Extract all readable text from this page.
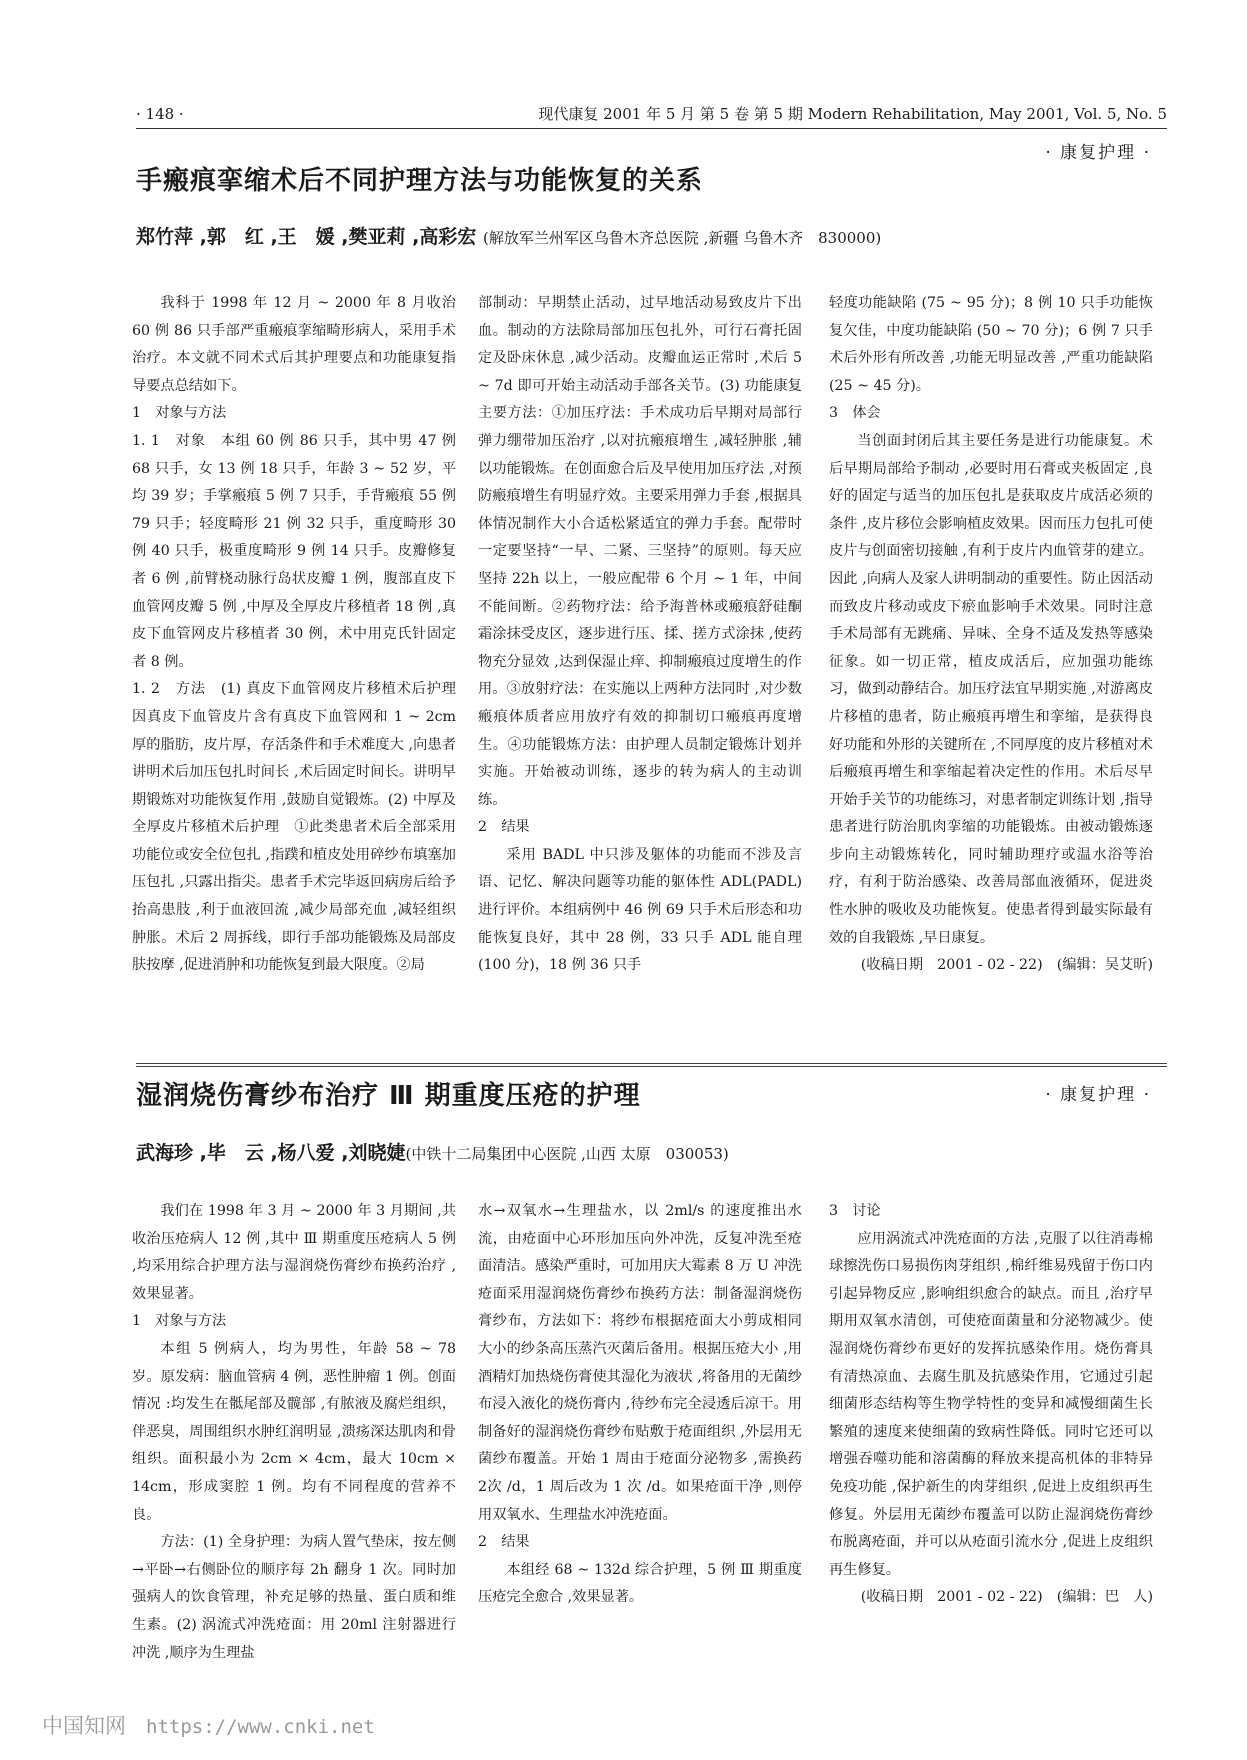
· 148 ·	现代康复 2001 年 5 月 第 5 卷 第 5 期 Modern Rehabilitation, May 2001, Vol. 5, No. 5
· 康复护理 ·
手瘢痕挛缩术后不同护理方法与功能恢复的关系
郑竹萍 ,郭　红 ,王　媛 ,樊亚莉 ,高彩宏 (解放军兰州军区乌鲁木齐总医院 ,新疆 乌鲁木齐　830000)

我科于 1998 年 12 月 ~ 2000 年 8 月收治 60 例 86 只手部严重瘢痕挛缩畸形病人，采用手术治疗。本文就不同术式后其护理要点和功能康复指导要点总结如下。

1　对象与方法

1. 1　对象　本组 60 例 86 只手，其中男 47 例 68 只手，女 13 例 18 只手，年龄 3 ~ 52 岁，平均 39 岁；手掌瘢痕 5 例 7 只手，手背瘢痕 55 例 79 只手；轻度畸形 21 例 32 只手，重度畸形 30 例 40 只手，极重度畸形 9 例 14 只手。皮瓣修复者 6 例 ,前臂桡动脉行岛状皮瓣 1 例，腹部直皮下血管网皮瓣 5 例 ,中厚及全厚皮片移植者 18 例 ,真皮下血管网皮片移植者 30 例，术中用克氏针固定者 8 例。

1. 2　方法　(1) 真皮下血管网皮片移植术后护理　因真皮下血管皮片含有真皮下血管网和 1 ~ 2cm 厚的脂肪，皮片厚，存活条件和手术难度大 ,向患者讲明术后加压包扎时间长 ,术后固定时间长。讲明早期锻炼对功能恢复作用 ,鼓励自觉锻炼。(2) 中厚及全厚皮片移植术后护理　①此类患者术后全部采用功能位或安全位包扎 ,指蹼和植皮处用碎纱布填塞加压包扎 ,只露出指尖。患者手术完毕返回病房后给予抬高患肢 ,利于血液回流 ,减少局部充血 ,减轻组织肿胀。术后 2 周拆线，即行手部功能锻炼及局部皮肤按摩 ,促进消肿和功能恢复到最大限度。②局

部制动：早期禁止活动，过早地活动易致皮片下出血。制动的方法除局部加压包扎外，可行石膏托固定及卧床休息 ,减少活动。皮瓣血运正常时 ,术后 5 ~ 7d 即可开始主动活动手部各关节。(3) 功能康复主要方法：①加压疗法：手术成功后早期对局部行弹力绷带加压治疗 ,以对抗瘢痕增生 ,减轻肿胀 ,辅以功能锻炼。在创面愈合后及早使用加压疗法 ,对预防瘢痕增生有明显疗效。主要采用弹力手套 ,根据具体情况制作大小合适松紧适宜的弹力手套。配带时一定要坚持“一早、二紧、三坚持”的原则。每天应坚持 22h 以上，一般应配带 6 个月 ~ 1 年，中间不能间断。②药物疗法：给予海普林或瘢痕舒硅酮霜涂抹受皮区，逐步进行压、揉、搓方式涂抹 ,使药物充分显效 ,达到保湿止痒、抑制瘢痕过度增生的作用。③放射疗法：在实施以上两种方法同时 ,对少数瘢痕体质者应用放疗有效的抑制切口瘢痕再度增生。④功能锻炼方法：由护理人员制定锻炼计划并实施。开始被动训练，逐步的转为病人的主动训练。

2　结果

采用 BADL 中只涉及躯体的功能而不涉及言语、记忆、解决问题等功能的躯体性 ADL(PADL) 进行评价。本组病例中 46 例 69 只手术后形态和功能恢复良好，其中 28 例，33 只手 ADL 能自理 (100 分)，18 例 36 只手

轻度功能缺陷 (75 ~ 95 分)；8 例 10 只手功能恢复欠佳，中度功能缺陷 (50 ~ 70 分)；6 例 7 只手术后外形有所改善 ,功能无明显改善 ,严重功能缺陷 (25 ~ 45 分)。

3　体会

当创面封闭后其主要任务是进行功能康复。术后早期局部给予制动 ,必要时用石膏或夹板固定 ,良好的固定与适当的加压包扎是获取皮片成活必须的条件 ,皮片移位会影响植皮效果。因而压力包扎可使皮片与创面密切接触 ,有利于皮片内血管芽的建立。因此 ,向病人及家人讲明制动的重要性。防止因活动而致皮片移动或皮下瘀血影响手术效果。同时注意手术局部有无跳痛、异味、全身不适及发热等感染征象。如一切正常，植皮成活后，应加强功能练习，做到动静结合。加压疗法宜早期实施 ,对游离皮片移植的患者，防止瘢痕再增生和挛缩，是获得良好功能和外形的关键所在 ,不同厚度的皮片移植对术后瘢痕再增生和挛缩起着决定性的作用。术后尽早开始手关节的功能练习，对患者制定训练计划 ,指导患者进行防治肌肉挛缩的功能锻炼。由被动锻炼逐步向主动锻炼转化，同时辅助理疗或温水浴等治疗，有利于防治感染、改善局部血液循环，促进炎性水肿的吸收及功能恢复。使患者得到最实际最有效的自我锻炼 ,早日康复。

(收稿日期　2001 - 02 - 22)　(编辑：吴艾昕)

· 康复护理 ·
湿润烧伤膏纱布治疗 Ⅲ 期重度压疮的护理
武海珍 ,毕　云 ,杨八爱 ,刘晓婕(中铁十二局集团中心医院 ,山西 太原　030053)

我们在 1998 年 3 月 ~ 2000 年 3 月期间 ,共收治压疮病人 12 例 ,其中 Ⅲ 期重度压疮病人 5 例 ,均采用综合护理方法与湿润烧伤膏纱布换药治疗 ,效果显著。

1　对象与方法

本组 5 例病人，均为男性，年龄 58 ~ 78 岁。原发病：脑血管病 4 例，恶性肿瘤 1 例。创面情况 :均发生在骶尾部及髋部 ,有脓液及腐烂组织，伴恶臭，周围组织水肿红润明显 ,溃疡深达肌肉和骨组织。面积最小为 2cm × 4cm，最大 10cm × 14cm，形成窦腔 1 例。均有不同程度的营养不良。

方法：(1) 全身护理：为病人置气垫床，按左侧→平卧→右侧卧位的顺序每 2h 翻身 1 次。同时加强病人的饮食管理，补充足够的热量、蛋白质和维生素。(2) 涡流式冲洗疮面：用 20ml 注射器进行冲洗 ,顺序为生理盐

水→双氧水→生理盐水，以 2ml/s 的速度推出水流，由疮面中心环形加压向外冲洗，反复冲洗至疮面清洁。感染严重时，可加用庆大霉素 8 万 U 冲洗疮面采用湿润烧伤膏纱布换药方法：制备湿润烧伤膏纱布，方法如下：将纱布根据疮面大小剪成相同大小的纱条高压蒸汽灭菌后备用。根据压疮大小 ,用酒精灯加热烧伤膏使其湿化为液状 ,将备用的无菌纱布浸入液化的烧伤膏内 ,待纱布完全浸透后凉干。用制备好的湿润烧伤膏纱布贴敷于疮面组织 ,外层用无菌纱布覆盖。开始 1 周由于疮面分泌物多 ,需换药 2次 /d，1 周后改为 1 次 /d。如果疮面干净 ,则停用双氧水、生理盐水冲洗疮面。

2　结果

本组经 68 ~ 132d 综合护理，5 例 Ⅲ 期重度压疮完全愈合 ,效果显著。

3　讨论

应用涡流式冲洗疮面的方法 ,克服了以往消毒棉球擦洗伤口易损伤肉芽组织 ,棉纤维易残留于伤口内引起异物反应 ,影响组织愈合的缺点。而且 ,治疗早期用双氧水清创，可使疮面菌量和分泌物减少。使湿润烧伤膏纱布更好的发挥抗感染作用。烧伤膏具有清热凉血、去腐生肌及抗感染作用，它通过引起细菌形态结构等生物学特性的变异和减慢细菌生长繁殖的速度来使细菌的致病性降低。同时它还可以增强吞噬功能和溶菌酶的释放来提高机体的非特异免疫功能 ,保护新生的肉芽组织 ,促进上皮组织再生修复。外层用无菌纱布覆盖可以防止湿润烧伤膏纱布脱离疮面，并可以从疮面引流水分 ,促进上皮组织再生修复。

(收稿日期　2001 - 02 - 22)　(编辑：巴　人)

中国知网 https://www.cnki.net
